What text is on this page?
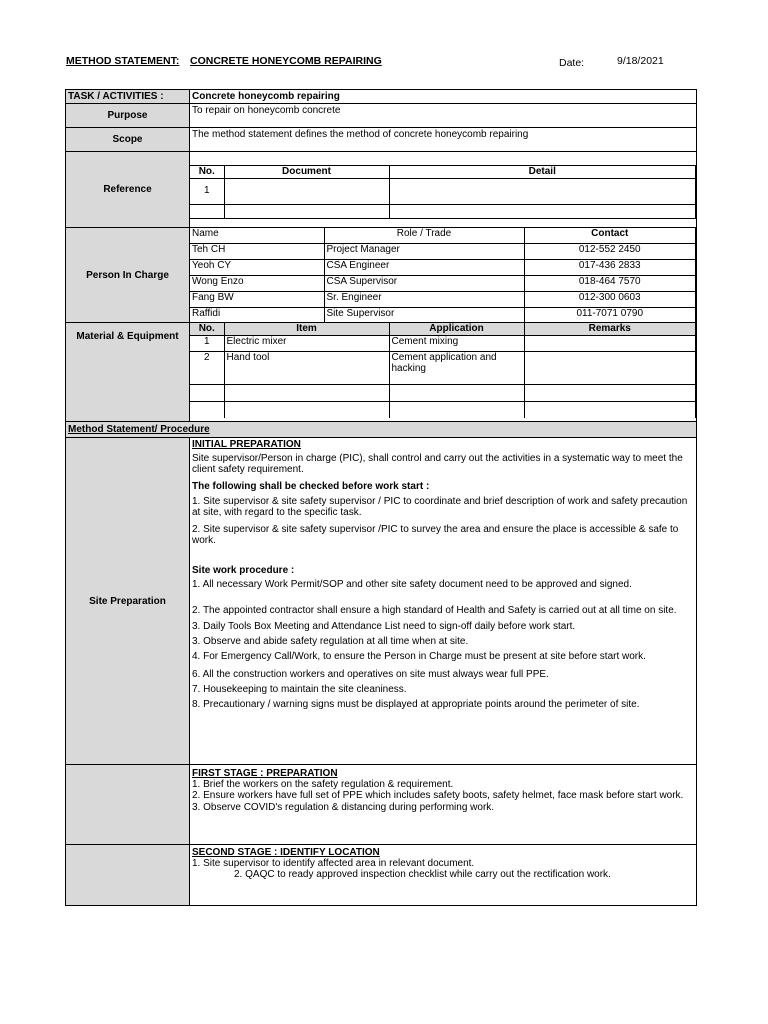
METHOD STATEMENT: CONCRETE HONEYCOMB REPAIRING	Date:	9/18/2021
TASK / ACTIVITIES :	Concrete honeycomb repairing
Purpose	To repair on honeycomb concrete
Scope	The method statement defines the method of concrete honeycomb repairing
Reference
No.	Document	Detail
1		

Person In Charge
Name	Role / Trade	Contact
Teh CH	Project Manager	012-552 2450
Yeoh CY	CSA Engineer	017-436 2833
Wong Enzo	CSA Supervisor	018-464 7570
Fang BW	Sr. Engineer	012-300 0603
Raffidi	Site Supervisor	011-7071 0790
Material & Equipment
No.	Item	Application	Remarks
1	Electric mixer	Cement mixing	
2	Hand tool	Cement application and hacking	

Method Statement/ Procedure
Site Preparation

INITIAL PREPARATION

Site supervisor/Person in charge (PIC), shall control and carry out the activities in a systematic way to meet the client safety requirement.

The following shall be checked before work start :

1. Site supervisor & site safety supervisor / PIC to coordinate and brief description of work and safety precaution at site, with regard to the specific task.

2. Site supervisor & site safety supervisor /PIC to survey the area and ensure the place is accessible & safe to work.

Site work procedure :

1. All necessary Work Permit/SOP and other site safety document need to be approved and signed.

2. The appointed contractor shall ensure a high standard of Health and Safety is carried out at all time on site.

3. Daily Tools Box Meeting and Attendance List need to sign-off daily before work start.

3. Observe and abide safety regulation at all time when at site.

4. For Emergency Call/Work, to ensure the Person in Charge must be present at site before start work.

6. All the construction workers and operatives on site must always wear full PPE.

7. Housekeeping to maintain the site cleaniness.

8. Precautionary / warning signs must be displayed at appropriate points around the perimeter of site.

FIRST STAGE : PREPARATION

1. Brief the workers on the safety regulation & requirement.

2. Ensure workers have full set of PPE which includes safety boots, safety helmet, face mask before start work.

3. Observe COVID's regulation & distancing during performing work.

SECOND STAGE : IDENTIFY LOCATION

1. Site supervisor to identify affected area in relevant document.

2. QAQC to ready approved inspection checklist while carry out the rectification work.
